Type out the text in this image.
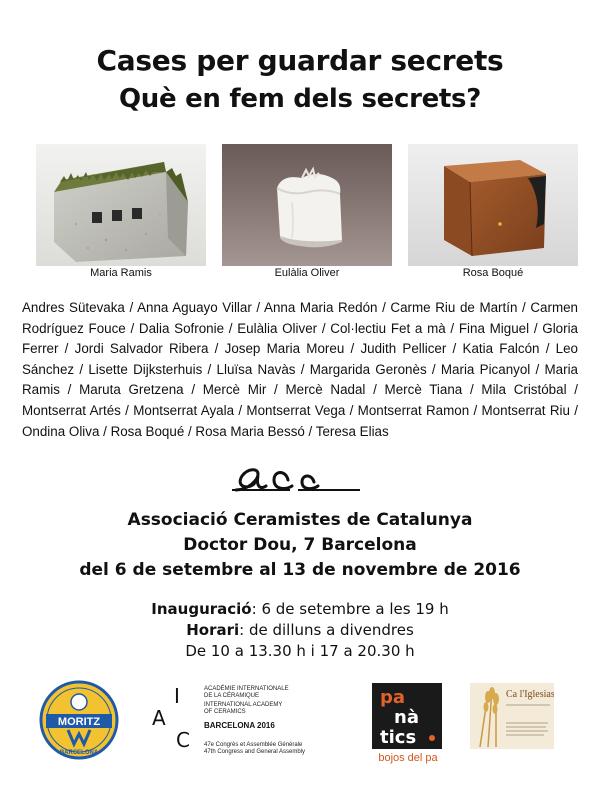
Cases per guardar secrets
Què en fem dels secrets?
Maria Ramis	Eulàlia Oliver	Rosa Boqué
Andres Sütevaka / Anna Aguayo Villar / Anna Maria Redón / Carme Riu de Martín / Carmen Rodríguez Fouce / Dalia Sofronie / Eulàlia Oliver / Col·lectiu Fet a mà / Fina Miguel / Gloria Ferrer / Jordi Salvador Ribera / Josep Maria Moreu / Judith Pellicer / Katia Falcón / Leo Sánchez / Lisette Dijksterhuis / Lluïsa Navàs / Margarida Geronès / Maria Picanyol / Maria Ramis / Maruta Gretzena / Mercè Mir / Mercè Nadal / Mercè Tiana / Mila Cristóbal / Montserrat Artés / Montserrat Ayala / Montserrat Vega / Montserrat Ramon / Montserrat Riu / Ondina Oliva / Rosa Boqué / Rosa Maria Bessó / Teresa Elias
Associació Ceramistes de Catalunya
Doctor Dou, 7 Barcelona
del 6 de setembre al 13 de novembre de 2016
Inauguració: 6 de setembre a les 19 h
Horari: de dilluns a divendres
De 10 a 13.30 h i 17 a 20.30 h
MORITZ
BARCELONA
A
I
C
ACADÉMIE INTERNATIONALE
DE LA CÉRAMIQUE
INTERNATIONAL ACADEMY
OF CERAMICS
BARCELONA 2016
47e Congrès et Assemblée Générale
47th Congress and General Assembly
pa
nà
tics
bojos del pa
Ca l'Iglesias
